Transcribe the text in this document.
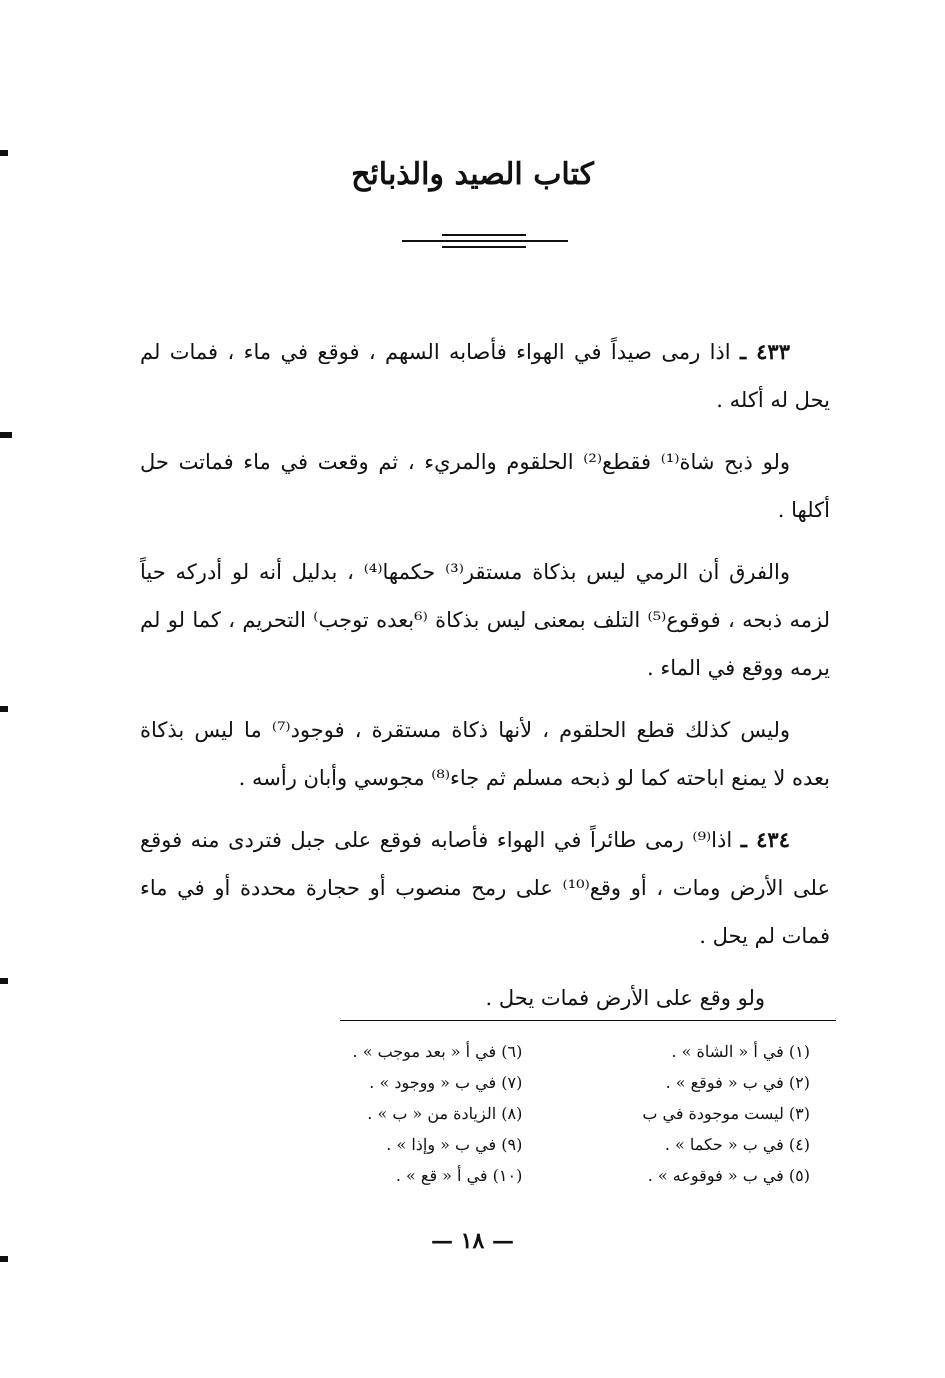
كتاب الصيد والذبائح

٤٣٣ ـ اذا رمى صيداً في الهواء فأصابه السهم ، فوقع في ماء ، فمات لم يحل له أكله .

ولو ذبح شاة⁽¹⁾ فقطع⁽²⁾ الحلقوم والمريء ، ثم وقعت في ماء فماتت حل أكلها .

والفرق أن الرمي ليس بذكاة مستقر⁽³⁾ حكمها⁽⁴⁾ ، بدليل أنه لو أدركه حياً لزمه ذبحه ، فوقوع⁽⁵⁾ التلف بمعنى ليس بذكاة ⁽⁶بعده توجب⁾ التحريم ، كما لو لم يرمه ووقع في الماء .

وليس كذلك قطع الحلقوم ، لأنها ذكاة مستقرة ، فوجود⁽⁷⁾ ما ليس بذكاة بعده لا يمنع اباحته كما لو ذبحه مسلم ثم جاء⁽⁸⁾ مجوسي وأبان رأسه .

٤٣٤ ـ اذا⁽⁹⁾ رمى طائراً في الهواء فأصابه فوقع على جبل فتردى منه فوقع على الأرض ومات ، أو وقع⁽¹⁰⁾ على رمح منصوب أو حجارة محددة أو في ماء فمات لم يحل .

ولو وقع على الأرض فمات يحل .

(١) في أ « الشاة » .
(٢) في ب « فوقع » .
(٣) ليست موجودة في ب
(٤) في ب « حكما » .
(٥) في ب « فوقوعه » .
(٦) في أ « بعد موجب » .
(٧) في ب « ووجود » .
(٨) الزيادة من « ب » .
(٩) في ب « وإذا » .
(١٠) في أ « قع » .
— ١٨ —
